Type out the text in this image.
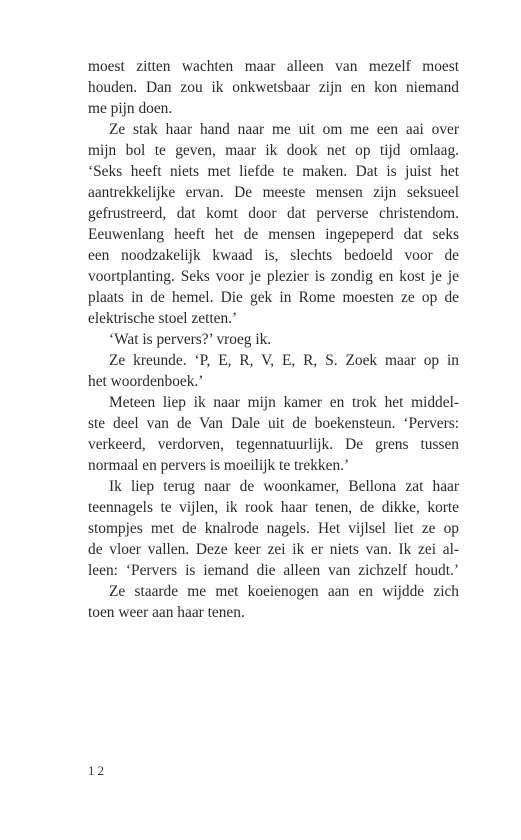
moest zitten wachten maar alleen van mezelf moest
houden. Dan zou ik onkwetsbaar zijn en kon niemand
me pijn doen.
Ze stak haar hand naar me uit om me een aai over
mijn bol te geven, maar ik dook net op tijd omlaag.
‘Seks heeft niets met liefde te maken. Dat is juist het
aantrekkelijke ervan. De meeste mensen zijn seksueel
gefrustreerd, dat komt door dat perverse christendom.
Eeuwenlang heeft het de mensen ingepeperd dat seks
een noodzakelijk kwaad is, slechts bedoeld voor de
voortplanting. Seks voor je plezier is zondig en kost je je
plaats in de hemel. Die gek in Rome moesten ze op de
elektrische stoel zetten.’
‘Wat is pervers?’ vroeg ik.
Ze kreunde. ‘P, E, R, V, E, R, S. Zoek maar op in
het woordenboek.’
Meteen liep ik naar mijn kamer en trok het middel-
ste deel van de Van Dale uit de boekensteun. ‘Pervers:
verkeerd, verdorven, tegennatuurlijk. De grens tussen
normaal en pervers is moeilijk te trekken.’
Ik liep terug naar de woonkamer, Bellona zat haar
teennagels te vijlen, ik rook haar tenen, de dikke, korte
stompjes met de knalrode nagels. Het vijlsel liet ze op
de vloer vallen. Deze keer zei ik er niets van. Ik zei al-
leen: ‘Pervers is iemand die alleen van zichzelf houdt.’
Ze staarde me met koeienogen aan en wijdde zich
toen weer aan haar tenen.
12
